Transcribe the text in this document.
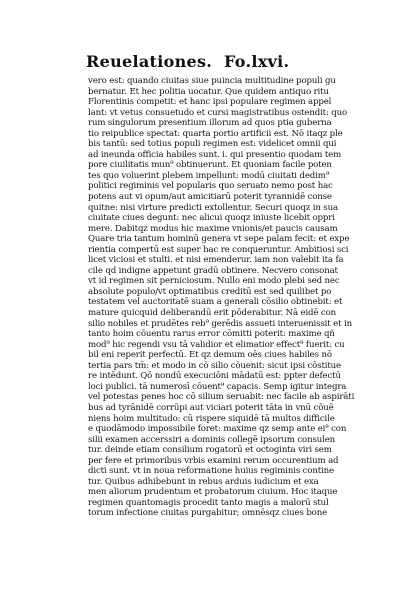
Reuelationes. Fo.lxvi.
vero est: quando ciuitas siue puincia multitudine populi gu
bernatur. Et hec politia uocatur. Que quidem antiquo ritu
Florentinis competit: et hanc ipsi populare regimen appel
lant: vt vetus consuetudo et cursi magistratibus ostendit: quo
rum singulorum presentium illorum ad quos ptia guberna
tio reipublice spectat: quarta portio artificii est. Nō itaqz ple
bis tantū: sed totius populi regimen est: videlicet omnii qui
ad ineunda officia habiles sunt. i. qui presentio quodam tem
pore ciuilitatis mun⁹ obtinuerunt. Et quoniam facile poten
tes quo voluerint plebem impellunt: modū ciuitati dedim⁹
politici regiminis vel popularis quo seruato nemo post hac
potens aut vi opum/aut amicitiarū poterit tyrannidē conse
quitne: nisi virture predicti extollentur. Securi quoqz in sua
ciuitate ciues degunt: nec alicui quoqz iniuste licebit oppri
mere. Dabitqz modus hic maxime vnionis/et paucis causam
Quare tria tantum hominū genera vt sepe palam fecit: et expe
rientia compertū est super hac re conqueruntur. Ambitiosi sci
licet viciosi et stulti. et nisi emenderur. iam non valebit ita fa
cile qd indigne appetunt gradū obtinere. Necvero consonat
vt id regimen sit perniciosum. Nullo eni modo plebi sed nec
absolute populo/vt optimatibus creditū est sed quilibet po
testatem vel auctoritatē suam a generali cōsilio obtinebit: et
mature quicquid deliberandū erit pōderabitur. Nā eidē con
silio nobiles et prudētes reb⁹ gerēdis assueti interuenissit et in
tanto hoim cōuentu rarus error cōmitti poterit: maxime qñ
mod⁹ hic regendi vsu tā validior et elimatior effect⁹ fuerit: cu
bil eni reperit perfectū. Et qz demum oēs ciues habiles nō
tertia pars tm̄: et modo in cō silio cōuenit: sicut ipsi cōstitue
re intēdunt. Qō nondū execuciōni mādatū est: ppter defectū
loci publici. tā numerosī cōuent⁹ capacis. Semp igitur integra
vel potestas penes hoc cō silium seruabit: nec facile ab aspirāti
bus ad tyrānidē corrūpi aut viciari poterit tāta in vnū cōuē
niens hoim multitudo: cū rispere siquidē tā multos difficile
e quodāmodo impossibile foret: maxime qz semp ante ei⁹ con
silii examen accerssiri a dominis collegē ipsorum consulen
tur. deinde etiam consilium rogatorū et octoginta viri sem
per fere et primoribus vrbis examini rerum occurentium ad
dicti sunt. vt in noua reformatione huius regiminis contine
tur. Quibus adhibebunt in rebus arduis iudicium et exa
men aliorum prudentum et probatorum ciuium. Hoc itaque
regimen quantomagis procedit tanto magis a malorū stul
torum infectione ciuitas purgabitur; omnēsqz ciues bone
